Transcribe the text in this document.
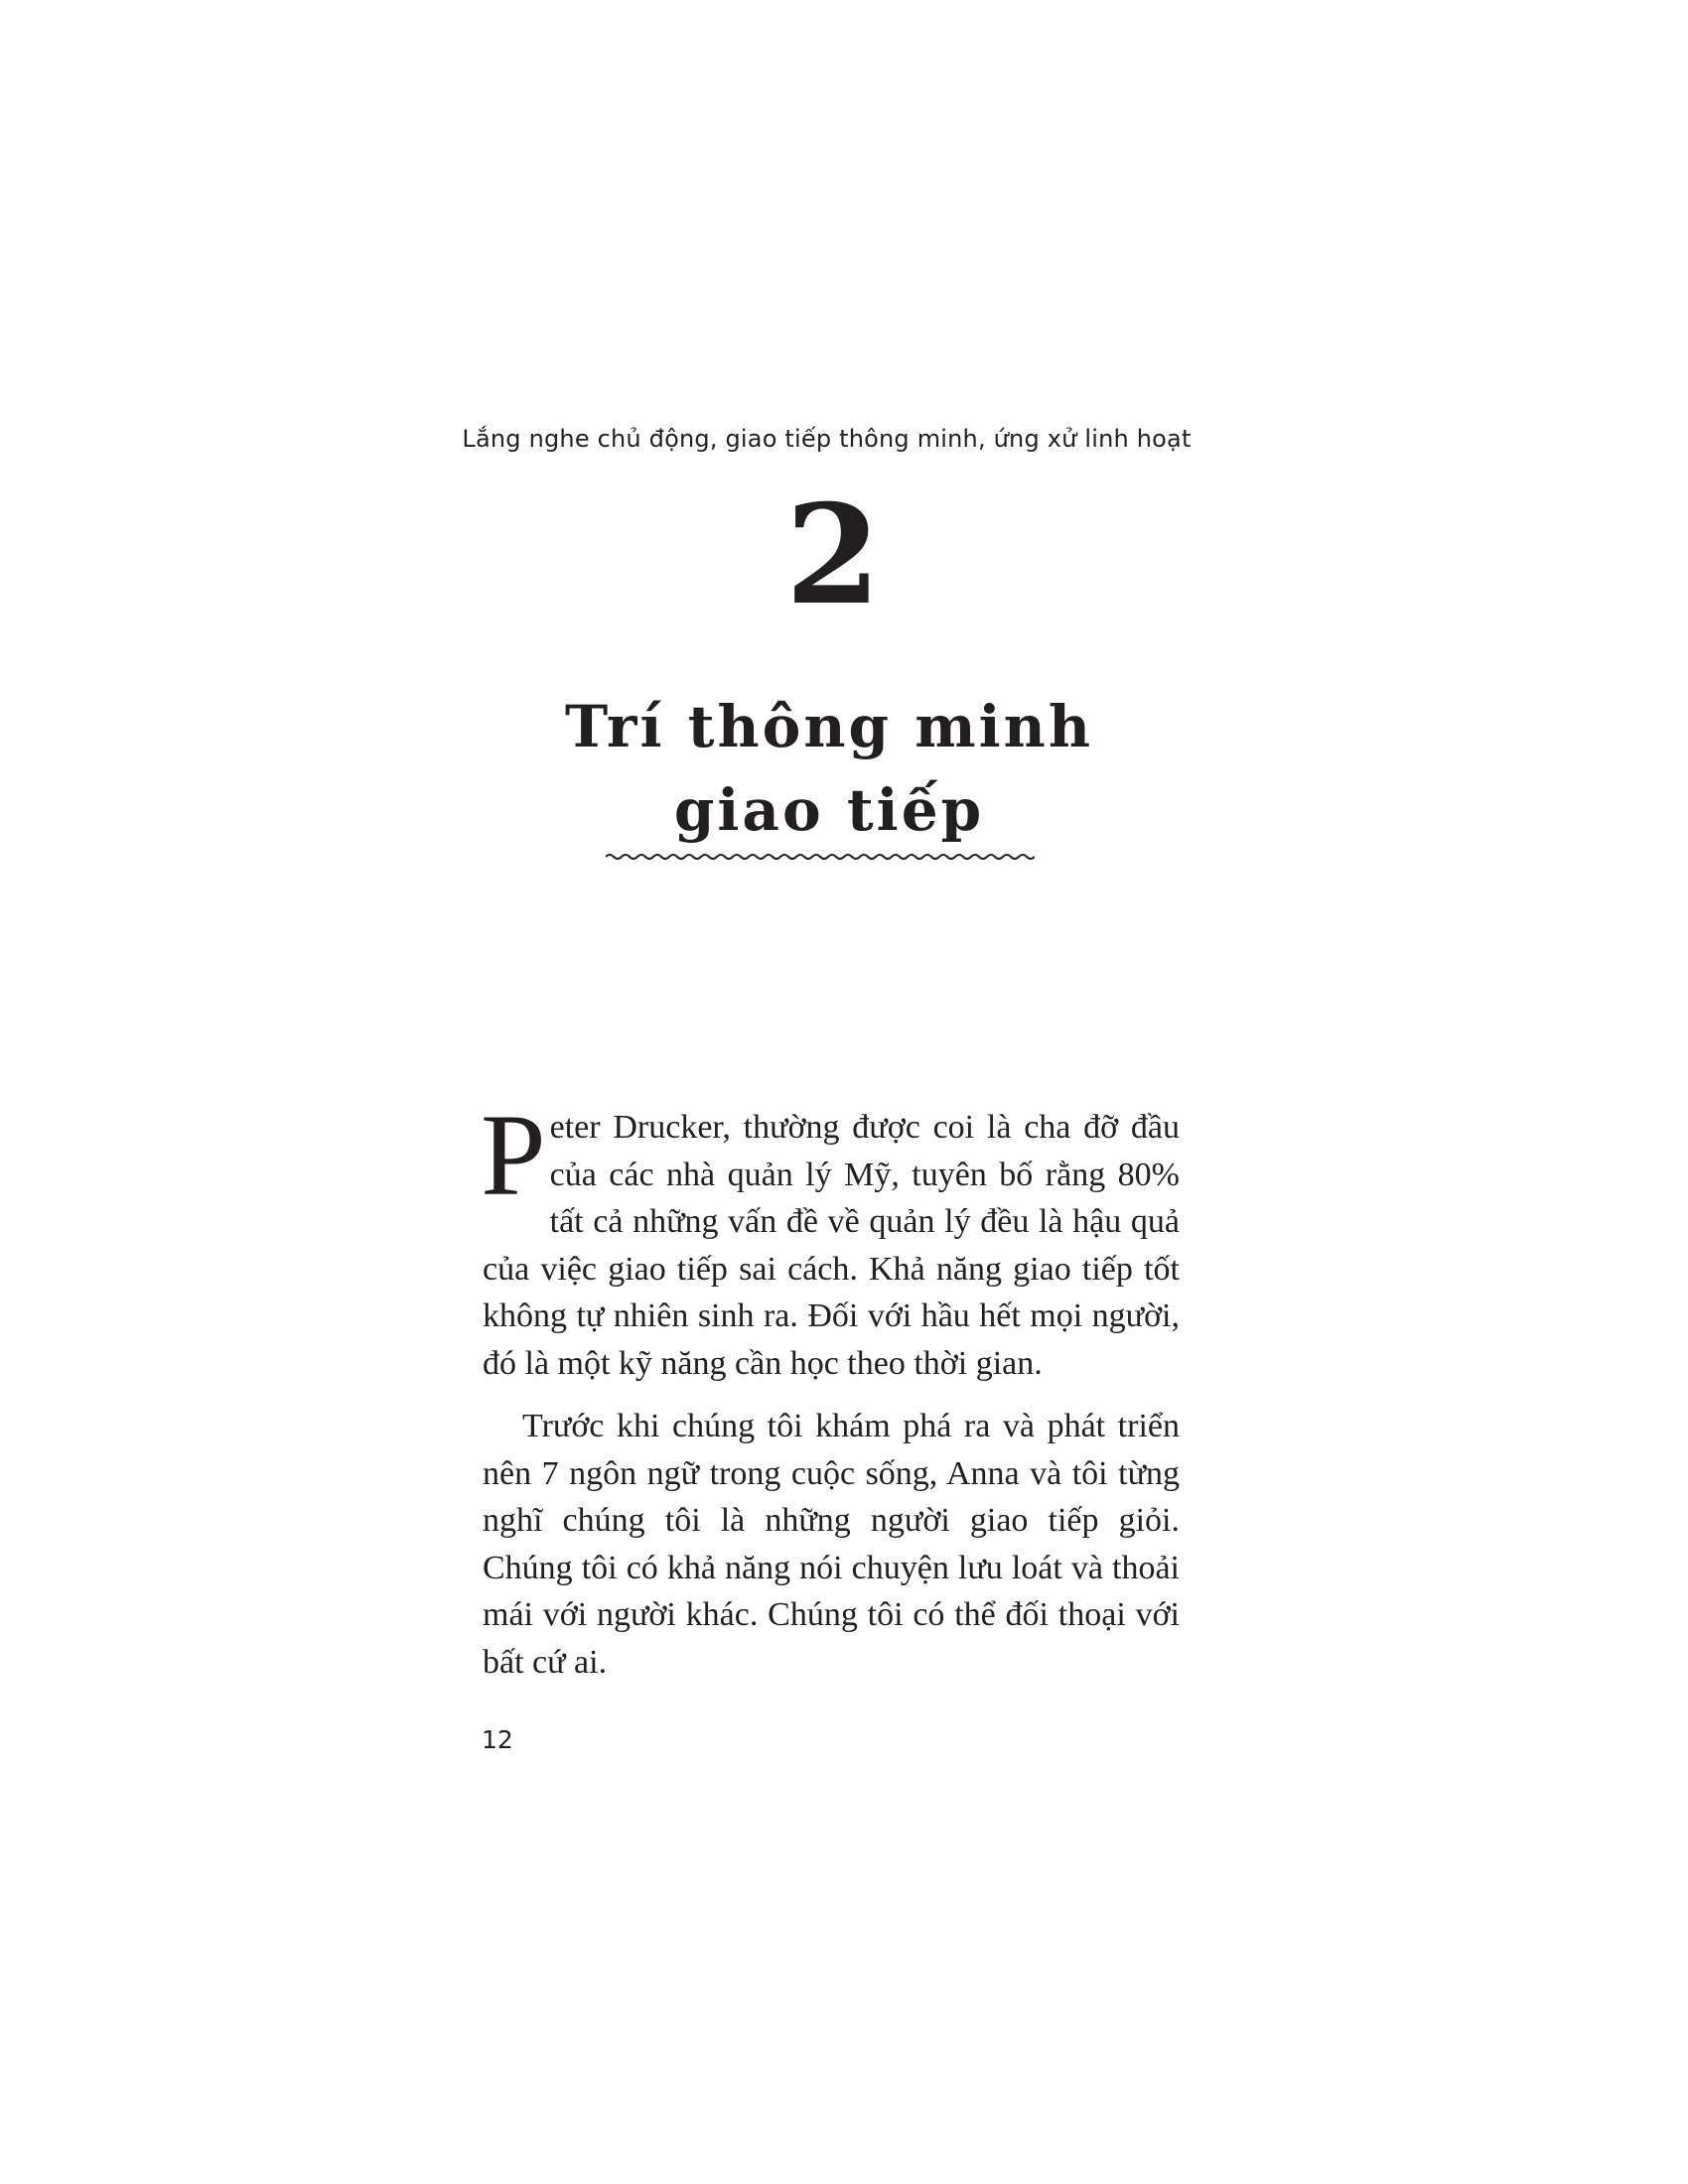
Lắng nghe chủ động, giao tiếp thông minh, ứng xử linh hoạt
2
Trí thông minh
giao tiếp

Peter Drucker, thường được coi là cha đỡ đầu của các nhà quản lý Mỹ, tuyên bố rằng 80% tất cả những vấn đề về quản lý đều là hậu quả của việc giao tiếp sai cách. Khả năng giao tiếp tốt không tự nhiên sinh ra. Đối với hầu hết mọi người, đó là một kỹ năng cần học theo thời gian.

Trước khi chúng tôi khám phá ra và phát triển nên 7 ngôn ngữ trong cuộc sống, Anna và tôi từng nghĩ chúng tôi là những người giao tiếp giỏi. Chúng tôi có khả năng nói chuyện lưu loát và thoải mái với người khác. Chúng tôi có thể đối thoại với bất cứ ai.

12
